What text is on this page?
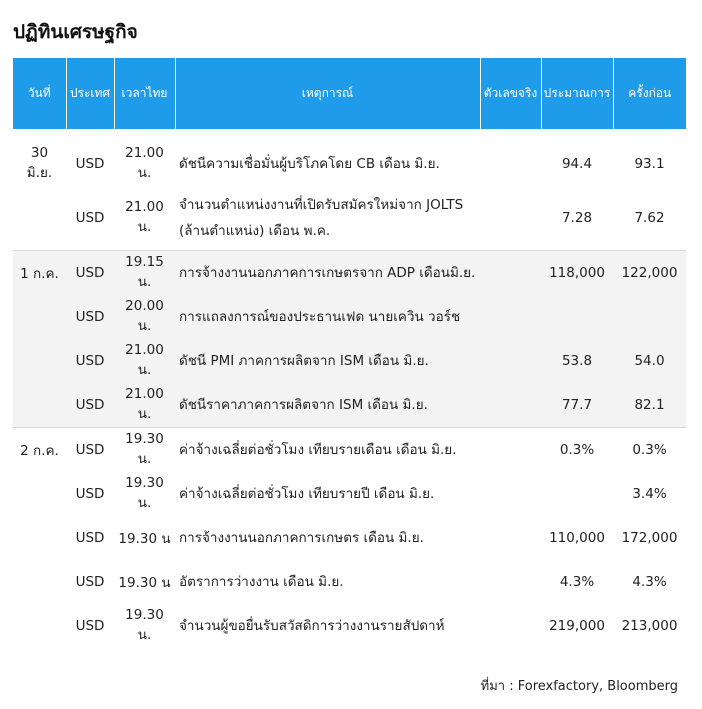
ปฏิทินเศรษฐกิจ
วันที่	ประเทศ	เวลาไทย	เหตุการณ์	ตัวเลขจริง	ประมาณการ	ครั้งก่อน

30 มิ.ย.	USD	21.00 น.	ดัชนีความเชื่อมั่นผู้บริโภคโดย CB เดือน มิ.ย.		94.4	93.1
	USD	21.00 น.	จำนวนตำแหน่งงานที่เปิดรับสมัครใหม่จาก JOLTS (ล้านตำแหน่ง) เดือน พ.ค.		7.28	7.62
1 ก.ค.	USD	19.15 น.	การจ้างงานนอกภาคการเกษตรจาก ADP เดือนมิ.ย.		118,000	122,000
	USD	20.00 น.	การแถลงการณ์ของประธานเฟด นายเควิน วอร์ช			
	USD	21.00 น.	ดัชนี PMI ภาคการผลิตจาก ISM เดือน มิ.ย.		53.8	54.0
	USD	21.00 น.	ดัชนีราคาภาคการผลิตจาก ISM เดือน มิ.ย.		77.7	82.1
2 ก.ค.	USD	19.30 น.	ค่าจ้างเฉลี่ยต่อชั่วโมง เทียบรายเดือน เดือน มิ.ย.		0.3%	0.3%
	USD	19.30 น.	ค่าจ้างเฉลี่ยต่อชั่วโมง เทียบรายปี เดือน มิ.ย.			3.4%
	USD	19.30 น	การจ้างงานนอกภาคการเกษตร เดือน มิ.ย.		110,000	172,000
	USD	19.30 น	อัตราการว่างงาน เดือน มิ.ย.		4.3%	4.3%
	USD	19.30 น.	จำนวนผู้ขอยื่นรับสวัสดิการว่างงานรายสัปดาห์		219,000	213,000
ที่มา : Forexfactory, Bloomberg
